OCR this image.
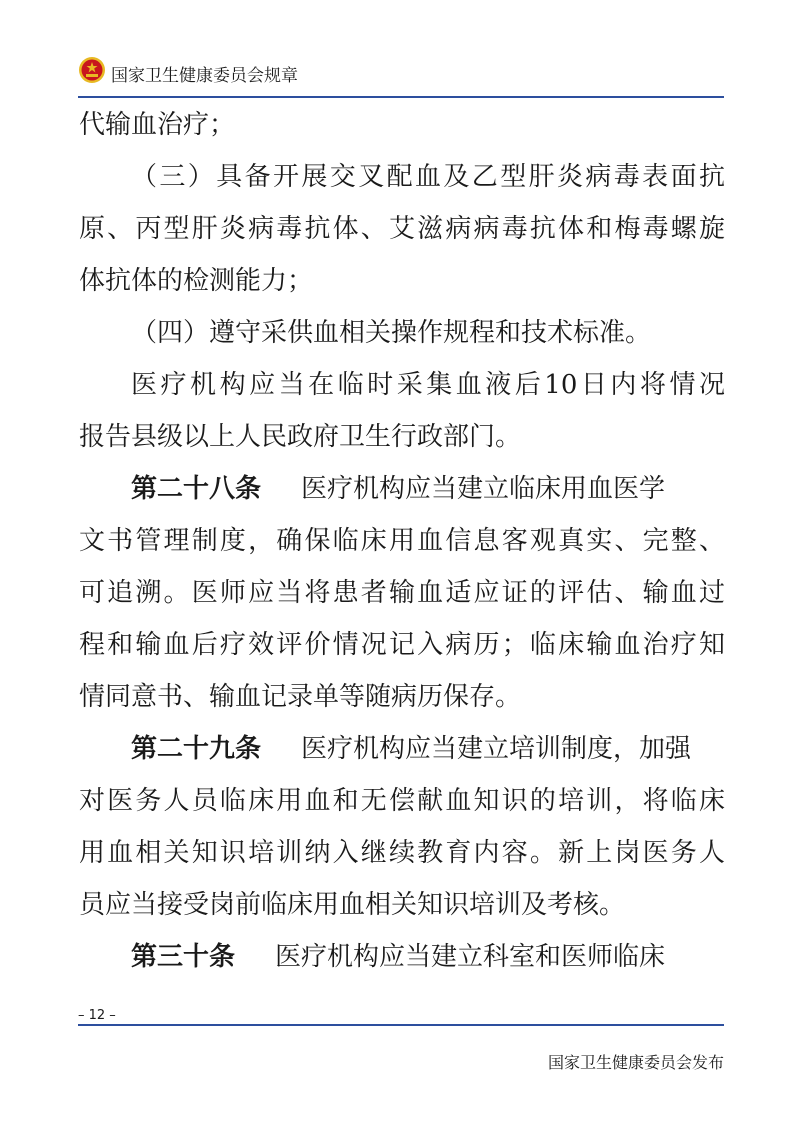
国家卫生健康委员会规章
代输血治疗；
（三）具备开展交叉配血及乙型肝炎病毒表面抗
原、丙型肝炎病毒抗体、艾滋病病毒抗体和梅毒螺旋
体抗体的检测能力；
（四）遵守采供血相关操作规程和技术标准。
医疗机构应当在临时采集血液后10日内将情况
报告县级以上人民政府卫生行政部门。
第二十八条 医疗机构应当建立临床用血医学
文书管理制度，确保临床用血信息客观真实、完整、
可追溯。医师应当将患者输血适应证的评估、输血过
程和输血后疗效评价情况记入病历；临床输血治疗知
情同意书、输血记录单等随病历保存。
第二十九条 医疗机构应当建立培训制度，加强
对医务人员临床用血和无偿献血知识的培训，将临床
用血相关知识培训纳入继续教育内容。新上岗医务人
员应当接受岗前临床用血相关知识培训及考核。
第三十条 医疗机构应当建立科室和医师临床
– 12 –
国家卫生健康委员会发布
